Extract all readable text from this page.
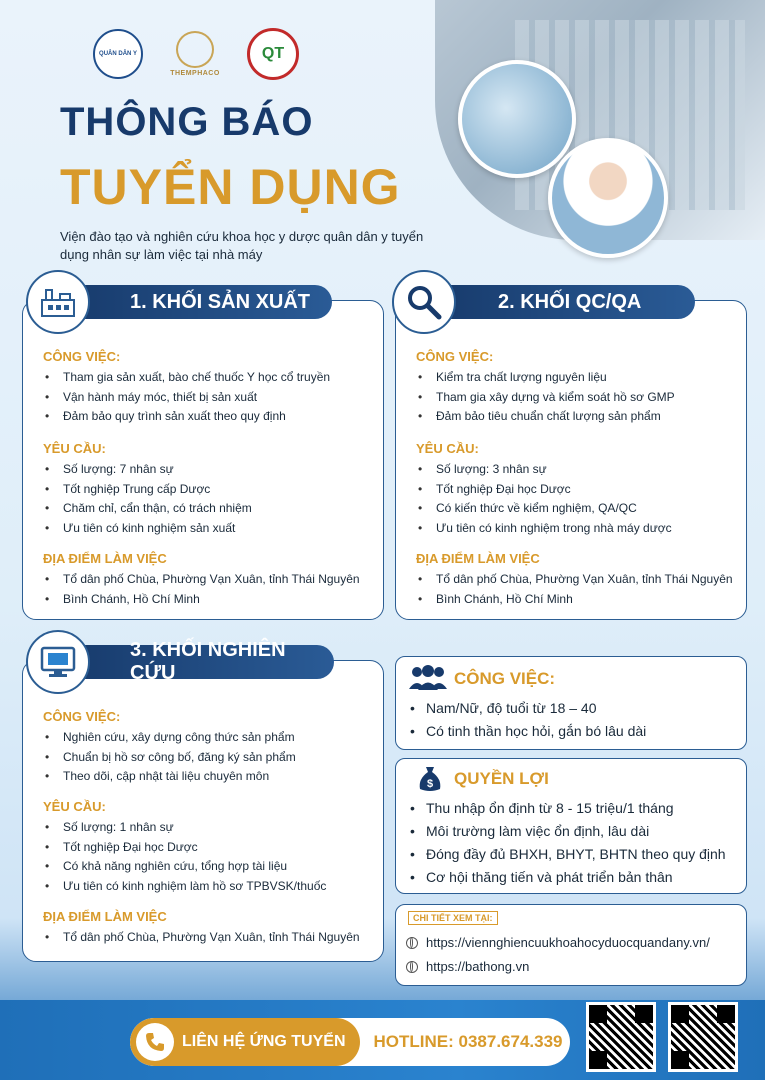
QUÂN DÂN Y
THEMPHACO
QT
THÔNG BÁO
TUYỂN DỤNG
Viện đào tạo và nghiên cứu khoa học y dược quân dân y tuyển dụng nhân sự làm việc tại nhà máy
CÔNG VIỆC:
• Tham gia sản xuất, bào chế thuốc Y học cổ truyền
• Vận hành máy móc, thiết bị sản xuất
• Đảm bảo quy trình sản xuất theo quy định
YÊU CẦU:
• Số lượng: 7 nhân sự
• Tốt nghiệp Trung cấp Dược
• Chăm chỉ, cẩn thận, có trách nhiệm
• Ưu tiên có kinh nghiệm sản xuất
ĐỊA ĐIỂM LÀM VIỆC
• Tổ dân phố Chùa, Phường Vạn Xuân, tỉnh Thái Nguyên
• Bình Chánh, Hồ Chí Minh
1. KHỐI SẢN XUẤT
CÔNG VIỆC:
• Kiểm tra chất lượng nguyên liệu
• Tham gia xây dựng và kiểm soát hồ sơ GMP
• Đảm bảo tiêu chuẩn chất lượng sản phẩm
YÊU CẦU:
• Số lượng: 3 nhân sự
• Tốt nghiệp Đại học Dược
• Có kiến thức về kiểm nghiệm, QA/QC
• Ưu tiên có kinh nghiệm trong nhà máy dược
ĐỊA ĐIỂM LÀM VIỆC
• Tổ dân phố Chùa, Phường Vạn Xuân, tỉnh Thái Nguyên
• Bình Chánh, Hồ Chí Minh
2. KHỐI QC/QA
CÔNG VIỆC:
• Nghiên cứu, xây dựng công thức sản phẩm
• Chuẩn bị hồ sơ công bố, đăng ký sản phẩm
• Theo dõi, cập nhật tài liệu chuyên môn
YÊU CẦU:
• Số lượng: 1 nhân sự
• Tốt nghiệp Đại học Dược
• Có khả năng nghiên cứu, tổng hợp tài liệu
• Ưu tiên có kinh nghiệm làm hồ sơ TPBVSK/thuốc
ĐỊA ĐIỂM LÀM VIỆC
• Tổ dân phố Chùa, Phường Vạn Xuân, tỉnh Thái Nguyên
3. KHỐI NGHIÊN CỨU	CÔNG VIỆC:
• Nam/Nữ, độ tuổi từ 18 – 40
• Có tinh thần học hỏi, gắn bó lâu dài
$ QUYỀN LỢI
• Thu nhập ổn định từ 8 - 15 triệu/1 tháng
• Môi trường làm việc ổn định, lâu dài
• Đóng đầy đủ BHXH, BHYT, BHTN theo quy định
• Cơ hội thăng tiến và phát triển bản thân
CHI TIẾT XEM TẠI:
https://viennghiencuukhoahocyduocquandany.vn/
https://bathong.vn
LIÊN HỆ ỨNG TUYỂN HOTLINE: 0387.674.339
